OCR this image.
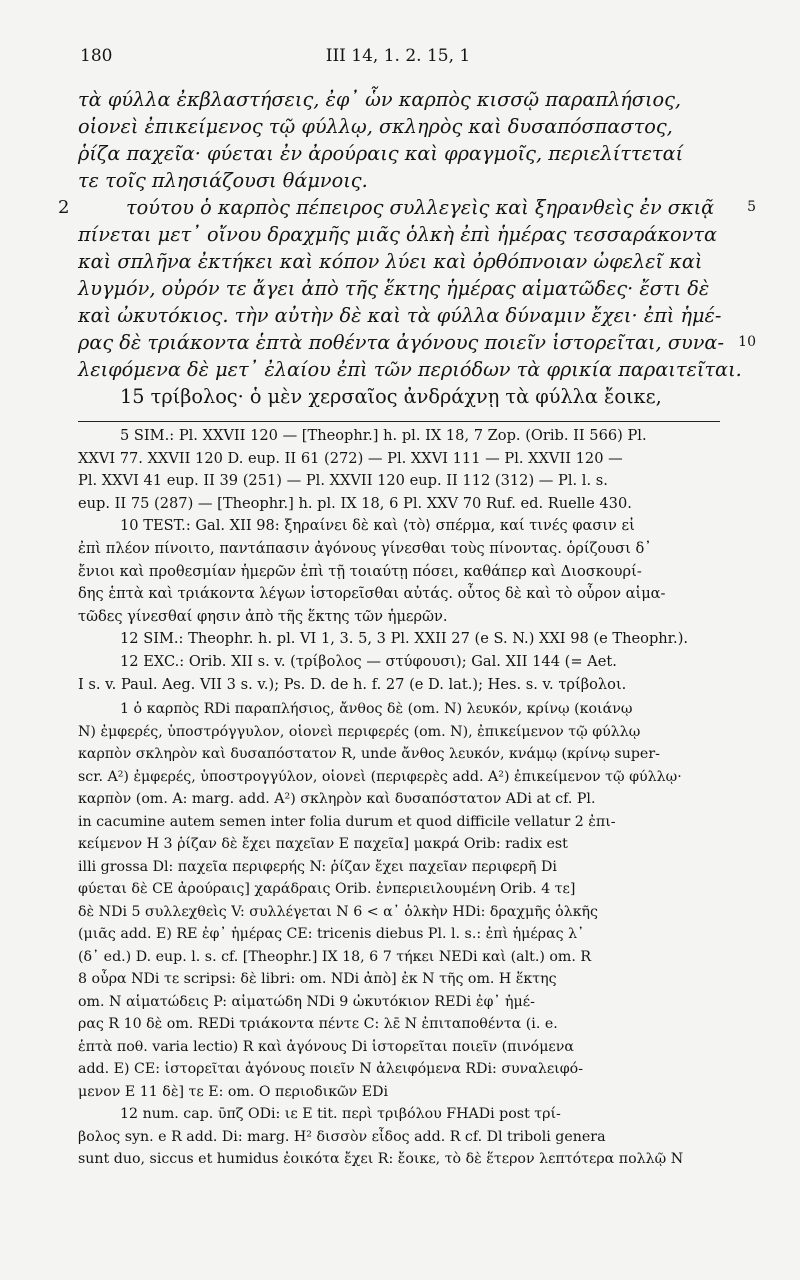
180	III 14, 1. 2. 15, 1
τὰ φύλλα ἐκβλαστήσεις, ἐφ᾽ ὧν καρπὸς κισσῷ παραπλήσιος,
οἱονεὶ ἐπικείμενος τῷ φύλλῳ, σκληρὸς καὶ δυσαπόσπαστος,
ῥίζα παχεῖα· φύεται ἐν ἀρούραις καὶ φραγμοῖς, περιελίττεταί
τε τοῖς πλησιάζουσι θάμνοις.
2	τούτου ὁ καρπὸς πέπειρος συλλεγεὶς καὶ ξηρανθεὶς ἐν σκιᾷ 5
πίνεται μετ᾽ οἴνου δραχμῆς μιᾶς ὁλκὴ ἐπὶ ἡμέρας τεσσαράκοντα
καὶ σπλῆνα ἐκτήκει καὶ κόπον λύει καὶ ὀρθόπνοιαν ὠφελεῖ καὶ
λυγμόν, οὐρόν τε ἄγει ἀπὸ τῆς ἕκτης ἡμέρας αἱματῶδες· ἔστι δὲ
καὶ ὠκυτόκιος. τὴν αὐτὴν δὲ καὶ τὰ φύλλα δύναμιν ἔχει· ἐπὶ ἡμέ-
ρας δὲ τριάκοντα ἑπτὰ ποθέντα ἀγόνους ποιεῖν ἱστορεῖται, συνα- 10
λειφόμενα δὲ μετ᾽ ἐλαίου ἐπὶ τῶν περιόδων τὰ φρικία παραιτεῖται.
15 τρίβολος· ὁ μὲν χερσαῖος ἀνδράχνῃ τὰ φύλλα ἔοικε,
5 SIM.: Pl. XXVII 120 — [Theophr.] h. pl. IX 18, 7 Zop. (Orib. II 566) Pl.
XXVI 77. XXVII 120 D. eup. II 61 (272) — Pl. XXVI 111 — Pl. XXVII 120 —
Pl. XXVI 41 eup. II 39 (251) — Pl. XXVII 120 eup. II 112 (312) — Pl. l. s.
eup. II 75 (287) — [Theophr.] h. pl. IX 18, 6 Pl. XXV 70 Ruf. ed. Ruelle 430.
10 TEST.: Gal. XII 98: ξηραίνει δὲ καὶ ⟨τὸ⟩ σπέρμα, καί τινές φασιν εἰ
ἐπὶ πλέον πίνοιτο, παντάπασιν ἀγόνους γίνεσθαι τοὺς πίνοντας. ὁρίζουσι δ᾽
ἔνιοι καὶ προθεσμίαν ἡμερῶν ἐπὶ τῇ τοιαύτῃ πόσει, καθάπερ καὶ Διοσκουρί-
δης ἑπτὰ καὶ τριάκοντα λέγων ἱστορεῖσθαι αὐτάς. οὗτος δὲ καὶ τὸ οὖρον αἱμα-
τῶδες γίνεσθαί φησιν ἀπὸ τῆς ἕκτης τῶν ἡμερῶν.
12 SIM.: Theophr. h. pl. VI 1, 3. 5, 3 Pl. XXII 27 (e S. N.) XXI 98 (e Theophr.).
12 EXC.: Orib. XII s. v. (τρίβολος — στύφουσι); Gal. XII 144 (= Aet.
I s. v. Paul. Aeg. VII 3 s. v.); Ps. D. de h. f. 27 (e D. lat.); Hes. s. v. τρίβολοι.
1 ὁ καρπὸς RDi παραπλήσιος, ἄνθος δὲ (om. N) λευκόν, κρίνῳ (κοιάνῳ
N) ἐμφερές, ὑποστρόγγυλον, οἱονεὶ περιφερές (om. N), ἐπικείμενον τῷ φύλλῳ
καρπὸν σκληρὸν καὶ δυσαπόστατον R, unde ἄνθος λευκόν, κνάμῳ (κρίνῳ super-
scr. A²) ἐμφερές, ὑποστρογγύλον, οἱονεὶ (περιφερὲς add. A²) ἐπικείμενον τῷ φύλλῳ·
καρπὸν (om. A: marg. add. A²) σκληρὸν καὶ δυσαπόστατον ADi at cf. Pl.
in cacumine autem semen inter folia durum et quod difficile vellatur 2 ἐπι-
κείμενον H 3 ῥίζαν δὲ ἔχει παχεῖαν E παχεῖα] μακρά Orib: radix est
illi grossa Dl: παχεῖα περιφερής N: ῥίζαν ἔχει παχεῖαν περιφερῆ Di
φύεται δὲ CE ἀρούραις] χαράδραις Orib. ἐνπεριειλουμένη Orib. 4 τε]
δὲ NDi 5 συλλεχθεὶς V: συλλέγεται N 6 < α᾽ ὁλκὴν HDi: δραχμῆς ὁλκῆς
(μιᾶς add. E) RE ἐφ᾽ ἡμέρας CE: tricenis diebus Pl. l. s.: ἐπὶ ἡμέρας λ᾽
(δ᾽ ed.) D. eup. l. s. cf. [Theophr.] IX 18, 6 7 τήκει NEDi καὶ (alt.) om. R
8 οὖρα NDi τε scripsi: δὲ libri: om. NDi ἀπὸ] ἐκ N τῆς om. H ἕκτης
om. N αἱματώδεις P: αἱματώδη NDi 9 ὠκυτόκιον REDi ἐφ᾽ ἡμέ-
ρας R 10 δὲ om. REDi τριάκοντα πέντε C: λε̄ N ἐπιταποθέντα (i. e.
ἑπτὰ ποθ. varia lectio) R καὶ ἀγόνους Di ἱστορεῖται ποιεῖν (πινόμενα
add. E) CE: ἱστορεῖται ἀγόνους ποιεῖν N ἀλειφόμενα RDi: συναλειφό-
μενον E 11 δὲ] τε E: om. O περιοδικῶν EDi
12 num. cap. ῡπζ ODi: ιε E tit. περὶ τριβόλου FHADi post τρί-
βολος syn. e R add. Di: marg. H² δισσὸν εἶδος add. R cf. Dl triboli genera
sunt duo, siccus et humidus ἐοικότα ἔχει R: ἔοικε, τὸ δὲ ἕτερον λεπτότερα πολλῷ N
